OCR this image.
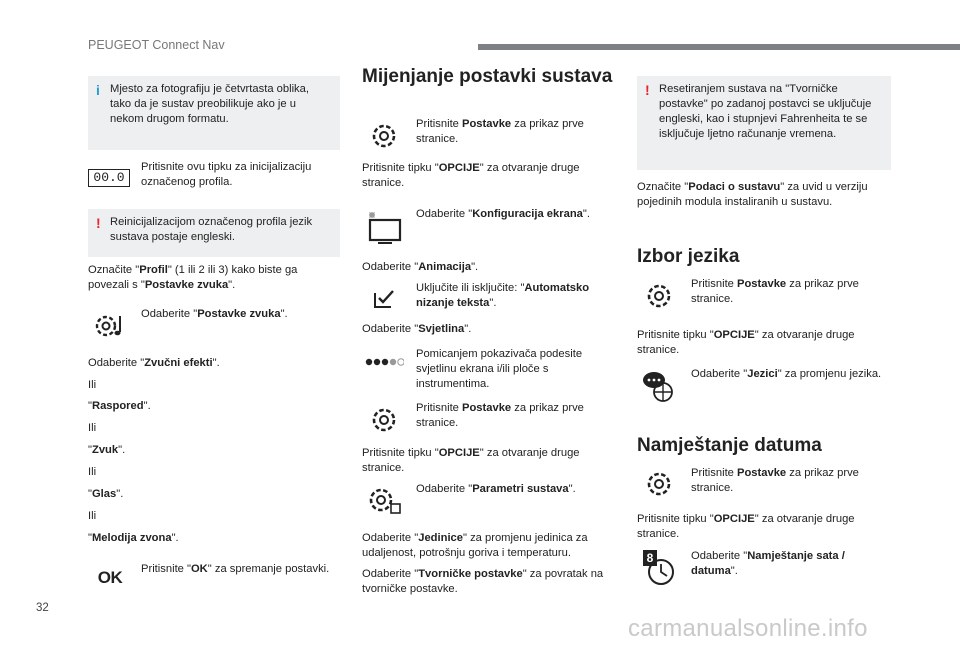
PEUGEOT Connect Nav
32
carmanualsonline.info
i Mjesto za fotografiju je četvrtasta oblika, tako da je sustav preobilikuje ako je u nekom drugom formatu.
00.0
Pritisnite ovu tipku za inicijalizaciju označenog profila.
! Reinicijalizacijom označenog profila jezik sustava postaje engleski.
Označite "Profil" (1 ili 2 ili 3) kako biste ga povezali s "Postavke zvuka".
Odaberite "Postavke zvuka".
Odaberite "Zvučni efekti".
Ili
"Raspored".
Ili
"Zvuk".
Ili
"Glas".
Ili
"Melodija zvona".
OK	Pritisnite "OK" za spremanje postavki.
Mijenjanje postavki sustava
Pritisnite Postavke za prikaz prve stranice.
Pritisnite tipku "OPCIJE" za otvaranje druge stranice.
Odaberite "Konfiguracija ekrana".
Odaberite "Animacija".
Uključite ili isključite: "Automatsko nizanje teksta".
Odaberite "Svjetlina".
Pomicanjem pokazivača podesite svjetlinu ekrana i/ili ploče s instrumentima.
Pritisnite Postavke za prikaz prve stranice.
Pritisnite tipku "OPCIJE" za otvaranje druge stranice.
Odaberite "Parametri sustava".
Odaberite "Jedinice" za promjenu jedinica za udaljenost, potrošnju goriva i temperaturu.
Odaberite "Tvorničke postavke" za povratak na tvorničke postavke.
! Resetiranjem sustava na "Tvorničke postavke" po zadanoj postavci se uključuje engleski, kao i stupnjevi Fahrenheita te se isključuje ljetno računanje vremena.
Označite "Podaci o sustavu" za uvid u verziju pojedinih modula instaliranih u sustavu.
Izbor jezika
Pritisnite Postavke za prikaz prve stranice.
Pritisnite tipku "OPCIJE" za otvaranje druge stranice.
Odaberite "Jezici" za promjenu jezika.
Namještanje datuma
Pritisnite Postavke za prikaz prve stranice.
Pritisnite tipku "OPCIJE" za otvaranje druge stranice.
8	Odaberite "Namještanje sata / datuma".
